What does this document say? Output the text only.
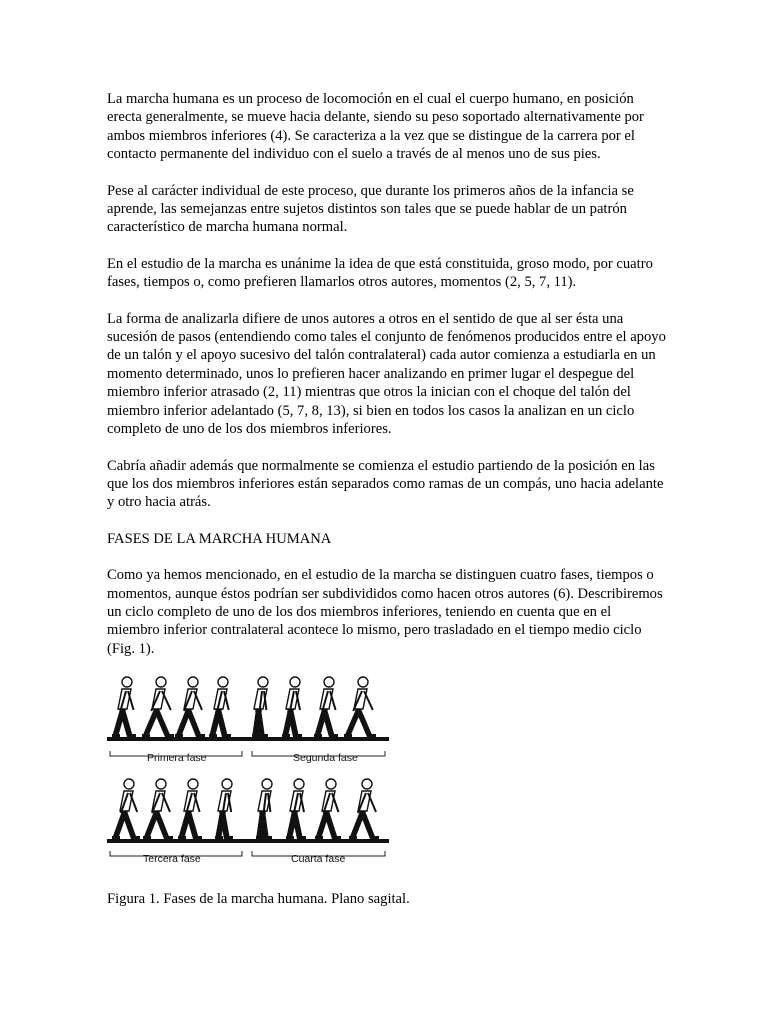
La marcha humana es un proceso de locomoción en el cual el cuerpo humano, en posición erecta generalmente, se mueve hacia delante, siendo su peso soportado alternativamente por ambos miembros inferiores (4). Se caracteriza a la vez que se distingue de la carrera por el contacto permanente del individuo con el suelo a través de al menos uno de sus pies.

Pese al carácter individual de este proceso, que durante los primeros años de la infancia se aprende, las semejanzas entre sujetos distintos son tales que se puede hablar de un patrón característico de marcha humana normal.

En el estudio de la marcha es unánime la idea de que está constituida, groso modo, por cuatro fases, tiempos o, como prefieren llamarlos otros autores, momentos (2, 5, 7, 11).

La forma de analizarla difiere de unos autores a otros en el sentido de que al ser ésta una sucesión de pasos (entendiendo como tales el conjunto de fenómenos producidos entre el apoyo de un talón y el apoyo sucesivo del talón contralateral) cada autor comienza a estudiarla en un momento determinado, unos lo prefieren hacer analizando en primer lugar el despegue del miembro inferior atrasado (2, 11) mientras que otros la inician con el choque del talón del miembro inferior adelantado (5, 7, 8, 13), si bien en todos los casos la analizan en un ciclo completo de uno de los dos miembros inferiores.

Cabría añadir además que normalmente se comienza el estudio partiendo de la posición en las que los dos miembros inferiores están separados como ramas de un compás, uno hacia adelante y otro hacia atrás.

FASES DE LA MARCHA HUMANA

Como ya hemos mencionado, en el estudio de la marcha se distinguen cuatro fases, tiempos o momentos, aunque éstos podrían ser subdivididos como hacen otros autores (6). Describiremos un ciclo completo de uno de los dos miembros inferiores, teniendo en cuenta que en el miembro inferior contralateral acontece lo mismo, pero trasladado en el tiempo medio ciclo (Fig. 1).

Primera fase	Segunda fase
Tercera fase	Cuarta fase

Figura 1. Fases de la marcha humana. Plano sagital.
